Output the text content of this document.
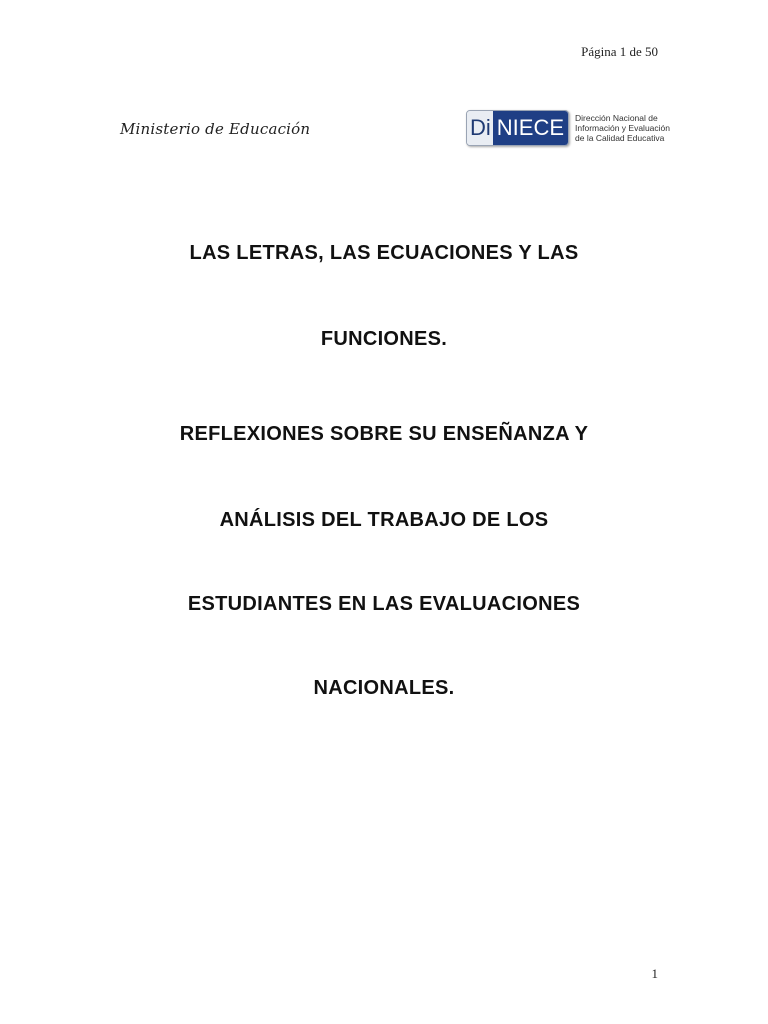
Página 1 de 50
Ministerio de Educación	Di NIECE	Dirección Nacional de
Información y Evaluación
de la Calidad Educativa
LAS LETRAS, LAS ECUACIONES Y LAS
FUNCIONES.
REFLEXIONES SOBRE SU ENSEÑANZA Y
ANÁLISIS DEL TRABAJO DE LOS
ESTUDIANTES EN LAS EVALUACIONES
NACIONALES.
1
